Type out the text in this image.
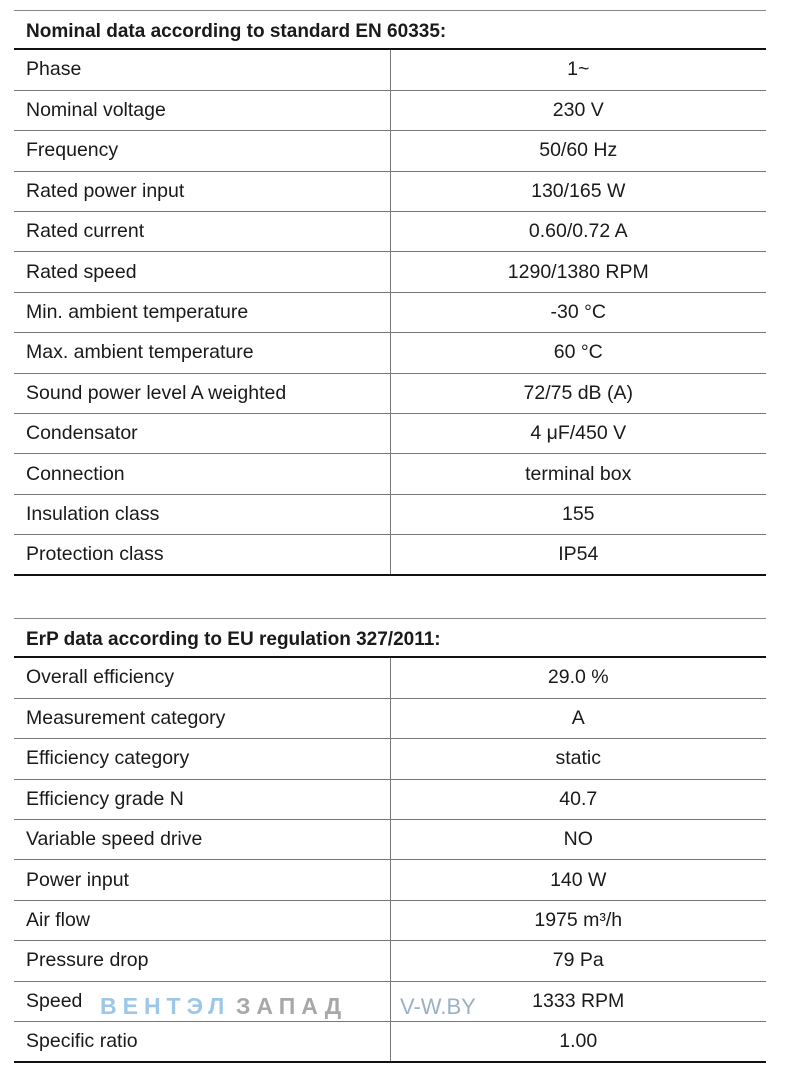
Nominal data according to standard EN 60335:
Phase	1~
Nominal voltage	230 V
Frequency	50/60 Hz
Rated power input	130/165 W
Rated current	0.60/0.72 A
Rated speed	1290/1380 RPM
Min. ambient temperature	-30 °C
Max. ambient temperature	60 °C
Sound power level A weighted	72/75 dB (A)
Condensator	4 μF/450 V
Connection	terminal box
Insulation class	155
Protection class	IP54
ErP data according to EU regulation 327/2011:
Overall efficiency	29.0 %
Measurement category	A
Efficiency category	static
Efficiency grade N	40.7
Variable speed drive	NO
Power input	140 W
Air flow	1975 m³/h
Pressure drop	79 Pa
Speed	1333 RPM
Specific ratio	1.00
ВЕНТЭЛ ЗАПАД V-W.BY
